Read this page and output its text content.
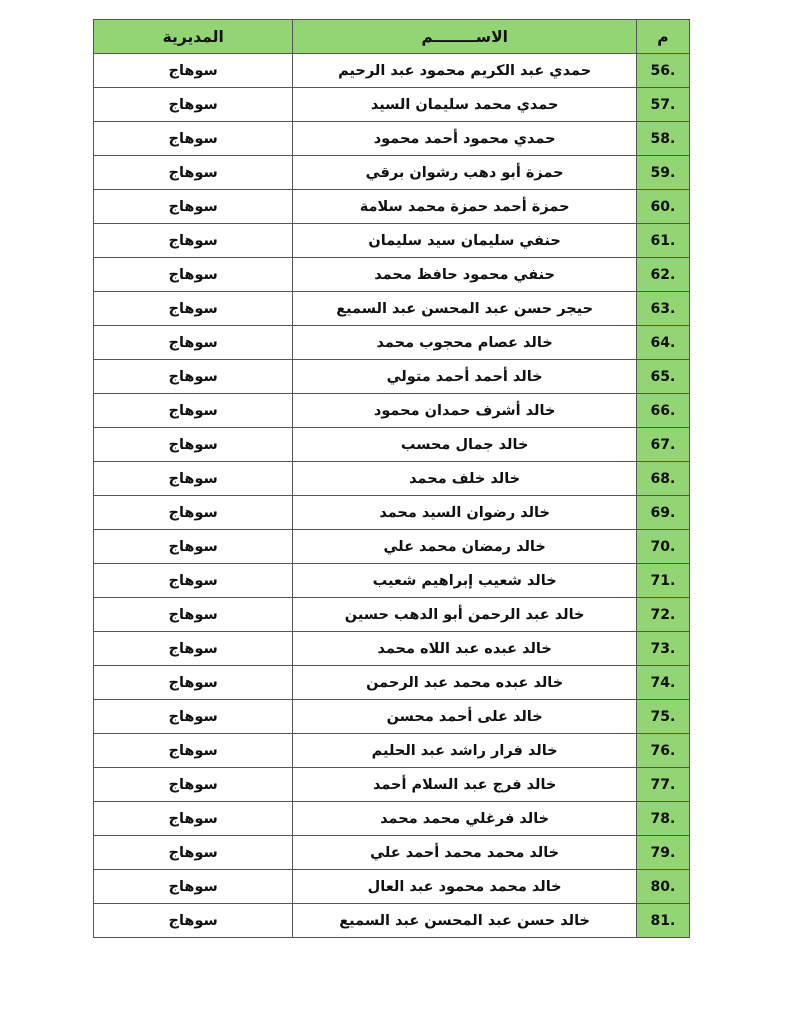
م	الاســــــــم	المديرية
56.	حمدي عبد الكريم محمود عبد الرحيم	سوهاج
57.	حمدي محمد سليمان السيد	سوهاج
58.	حمدي محمود أحمد محمود	سوهاج
59.	حمزة أبو دهب رشوان برقي	سوهاج
60.	حمزة أحمد حمزة محمد سلامة	سوهاج
61.	حنفي سليمان سيد سليمان	سوهاج
62.	حنفي محمود حافظ محمد	سوهاج
63.	حيجر حسن عبد المحسن عبد السميع	سوهاج
64.	خالد عصام محجوب محمد	سوهاج
65.	خالد أحمد أحمد متولي	سوهاج
66.	خالد أشرف حمدان محمود	سوهاج
67.	خالد جمال محسب	سوهاج
68.	خالد خلف محمد	سوهاج
69.	خالد رضوان السيد محمد	سوهاج
70.	خالد رمضان محمد علي	سوهاج
71.	خالد شعيب إبراهيم شعيب	سوهاج
72.	خالد عبد الرحمن أبو الدهب حسين	سوهاج
73.	خالد عبده عبد اللاه محمد	سوهاج
74.	خالد عبده محمد عبد الرحمن	سوهاج
75.	خالد على أحمد محسن	سوهاج
76.	خالد فرار راشد عبد الحليم	سوهاج
77.	خالد فرج عبد السلام أحمد	سوهاج
78.	خالد فرغلي محمد محمد	سوهاج
79.	خالد محمد محمد أحمد علي	سوهاج
80.	خالد محمد محمود عبد العال	سوهاج
81.	خالد حسن عبد المحسن عبد السميع	سوهاج
